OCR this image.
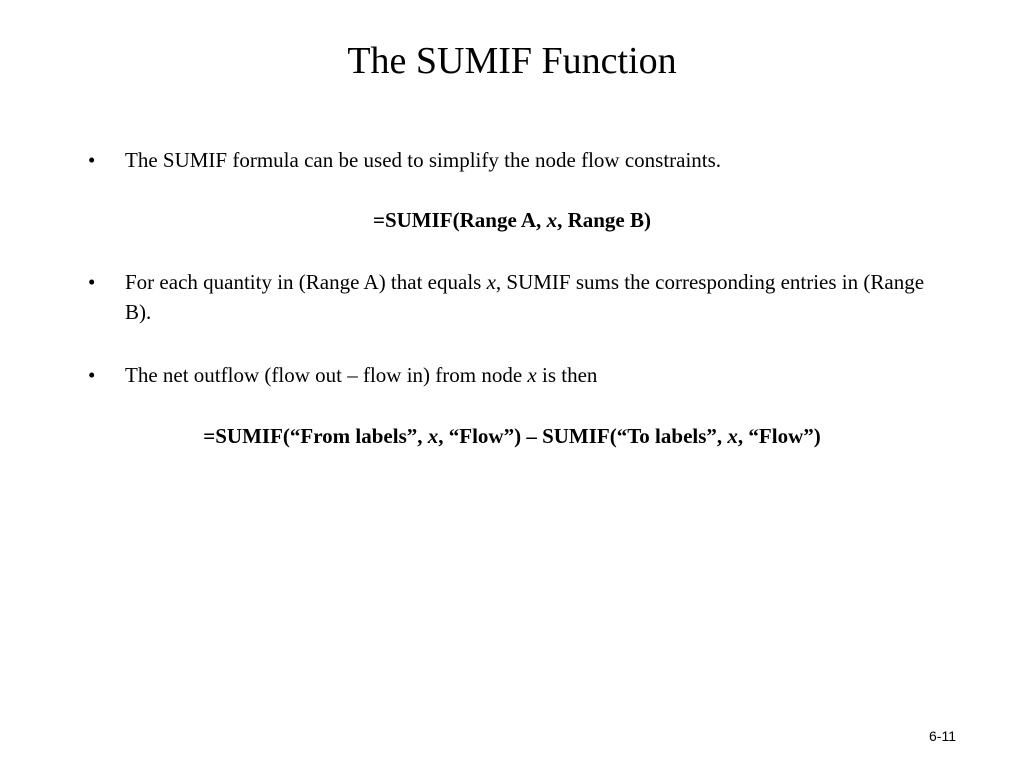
The SUMIF Function
• The SUMIF formula can be used to simplify the node flow constraints.
=SUMIF(Range A, x, Range B)
• For each quantity in (Range A) that equals x, SUMIF sums the corresponding entries in (Range B).
• The net outflow (flow out – flow in) from node x is then
=SUMIF(“From labels”, x, “Flow”) – SUMIF(“To labels”, x, “Flow”)
6-11
